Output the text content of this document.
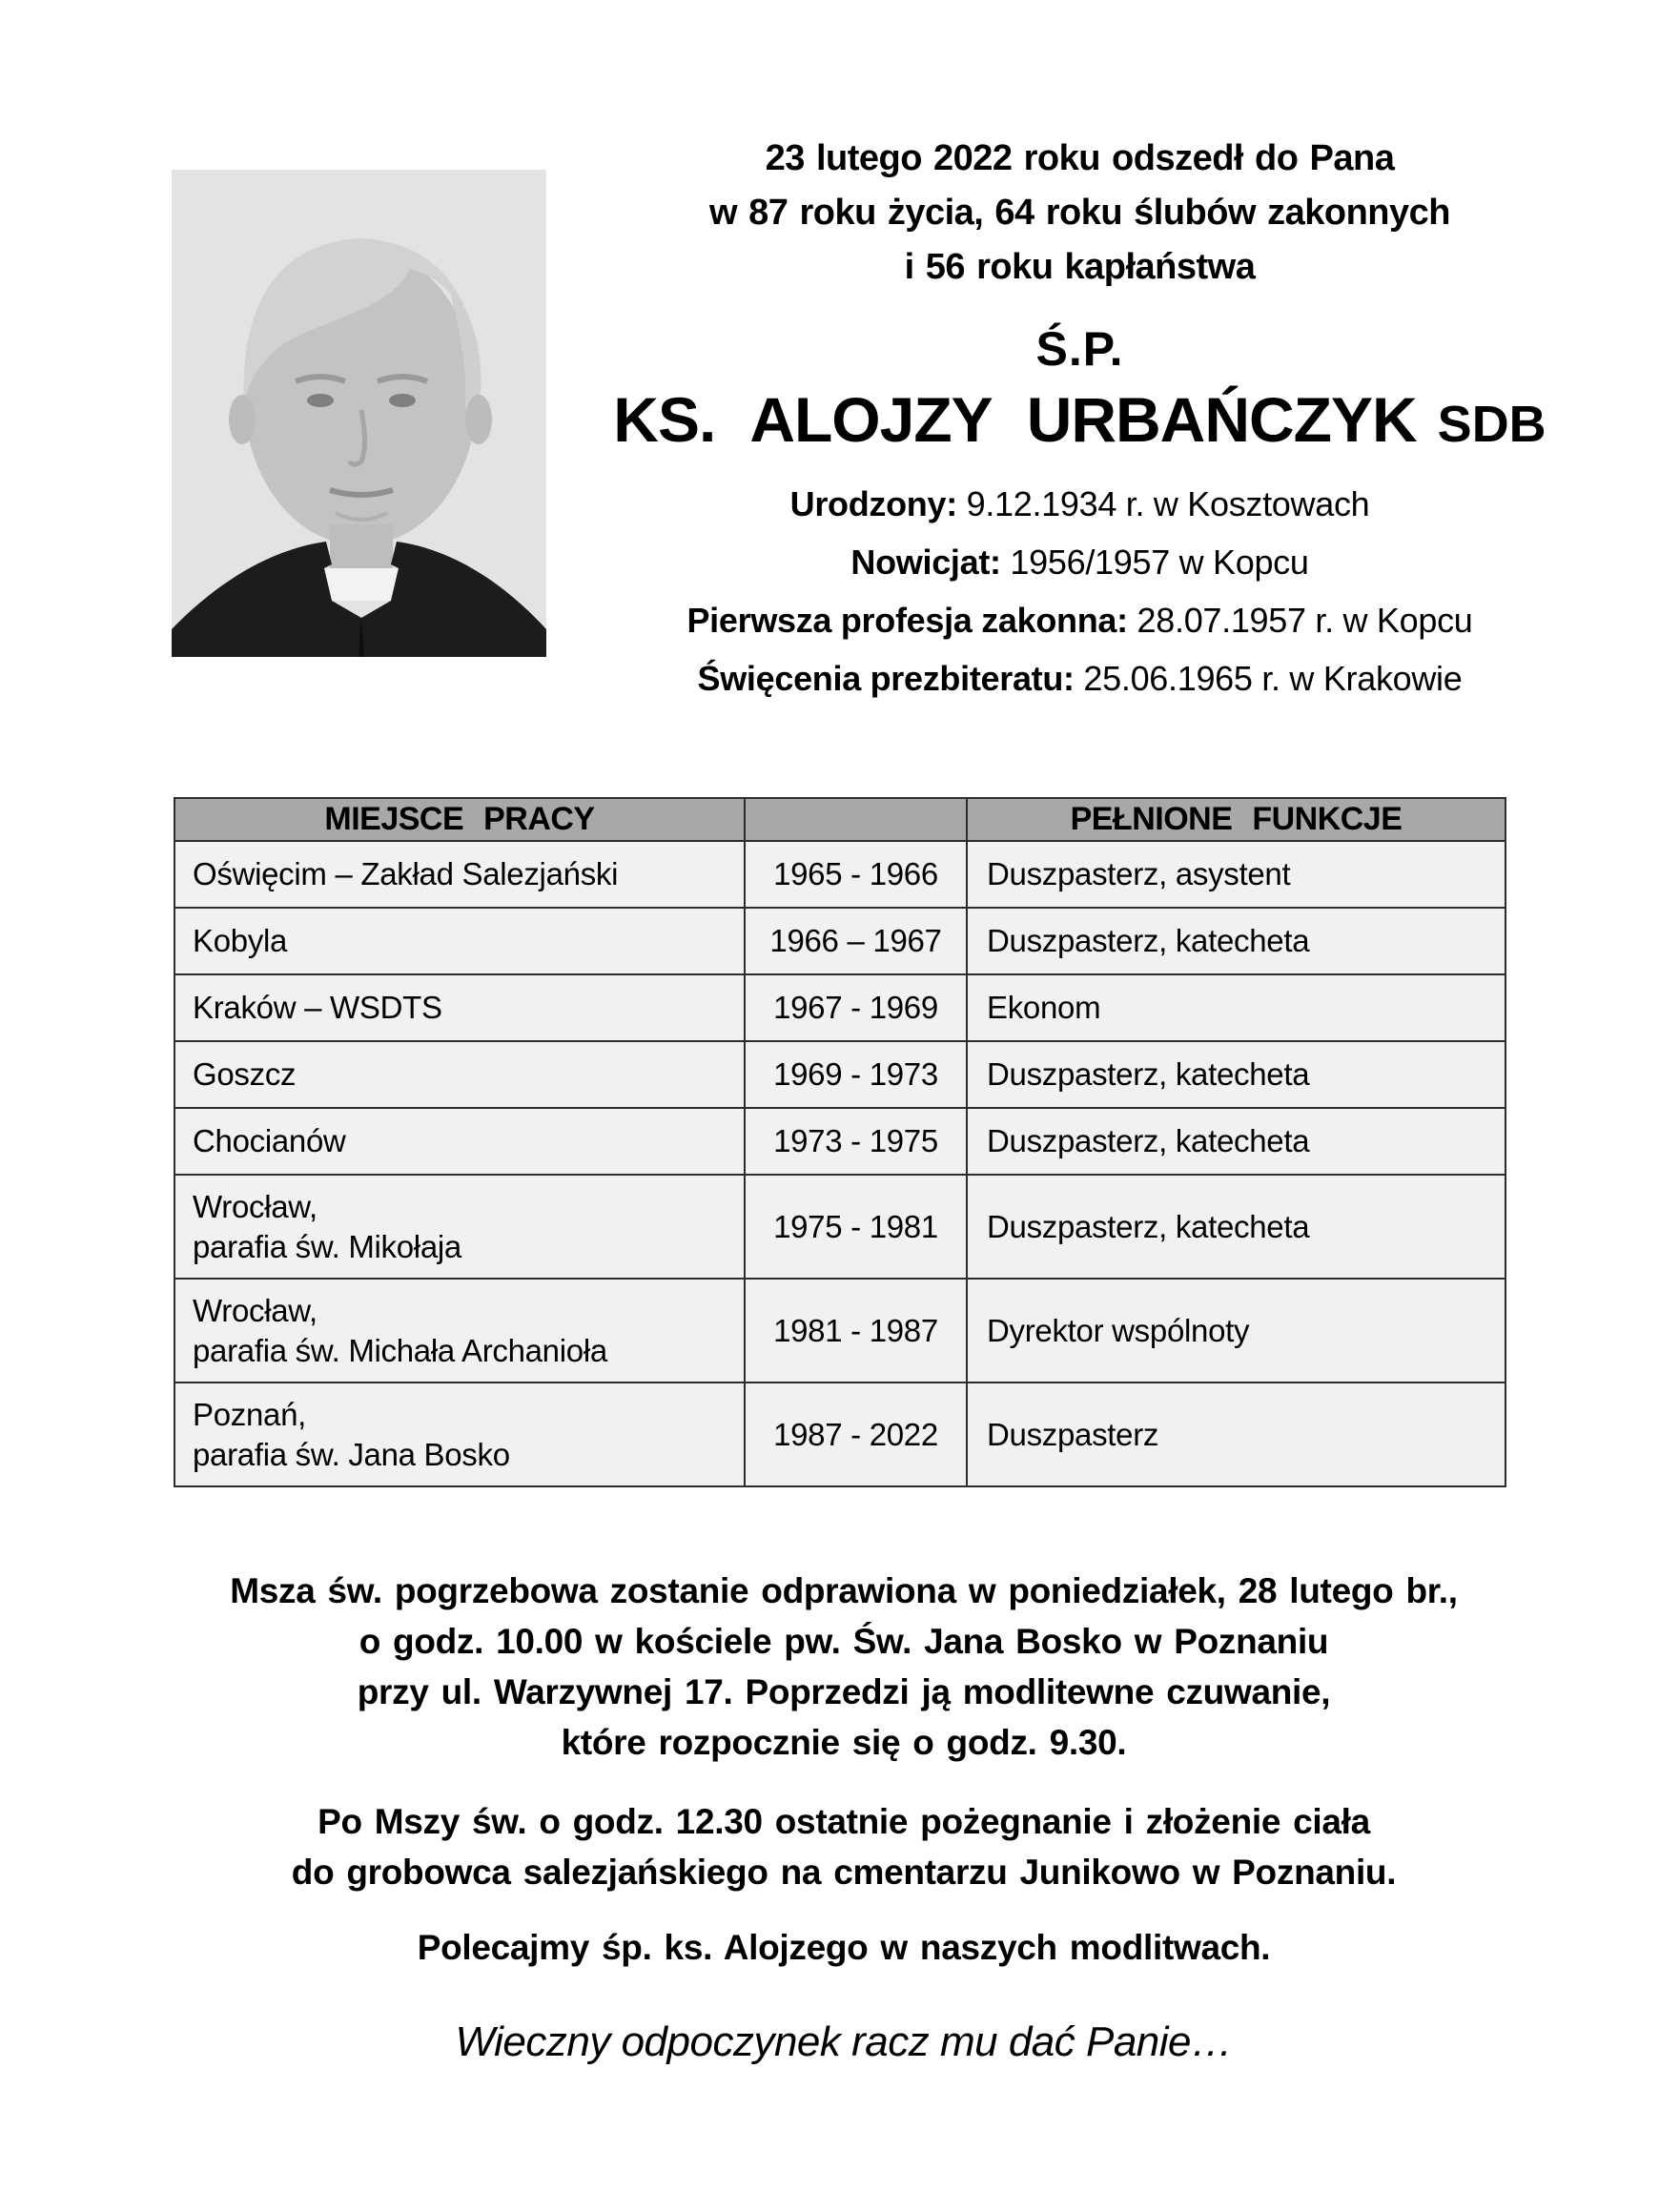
23 lutego 2022 roku odszedł do Pana
w 87 roku życia, 64 roku ślubów zakonnych
i 56 roku kapłaństwa
Ś.P.
KS. ALOJZY URBAŃCZYK SDB
Urodzony: 9.12.1934 r. w Kosztowach
Nowicjat: 1956/1957 w Kopcu
Pierwsza profesja zakonna: 28.07.1957 r. w Kopcu
Święcenia prezbiteratu: 25.06.1965 r. w Krakowie
MIEJSCE PRACY		PEŁNIONE FUNKCJE

Oświęcim – Zakład Salezjański	1965 - 1966	Duszpasterz, asystent

Kobyla	1966 – 1967	Duszpasterz, katecheta

Kraków – WSDTS	1967 - 1969	Ekonom

Goszcz	1969 - 1973	Duszpasterz, katecheta

Chocianów	1973 - 1975	Duszpasterz, katecheta

Wrocław,
parafia św. Mikołaja	1975 - 1981	Duszpasterz, katecheta

Wrocław,
parafia św. Michała Archanioła	1981 - 1987	Dyrektor wspólnoty

Poznań,
parafia św. Jana Bosko	1987 - 2022	Duszpasterz
Msza św. pogrzebowa zostanie odprawiona w poniedziałek, 28 lutego br.,
o godz. 10.00 w kościele pw. Św. Jana Bosko w Poznaniu
przy ul. Warzywnej 17. Poprzedzi ją modlitewne czuwanie,
które rozpocznie się o godz. 9.30.
Po Mszy św. o godz. 12.30 ostatnie pożegnanie i złożenie ciała
do grobowca salezjańskiego na cmentarzu Junikowo w Poznaniu.
Polecajmy śp. ks. Alojzego w naszych modlitwach.
Wieczny odpoczynek racz mu dać Panie…
